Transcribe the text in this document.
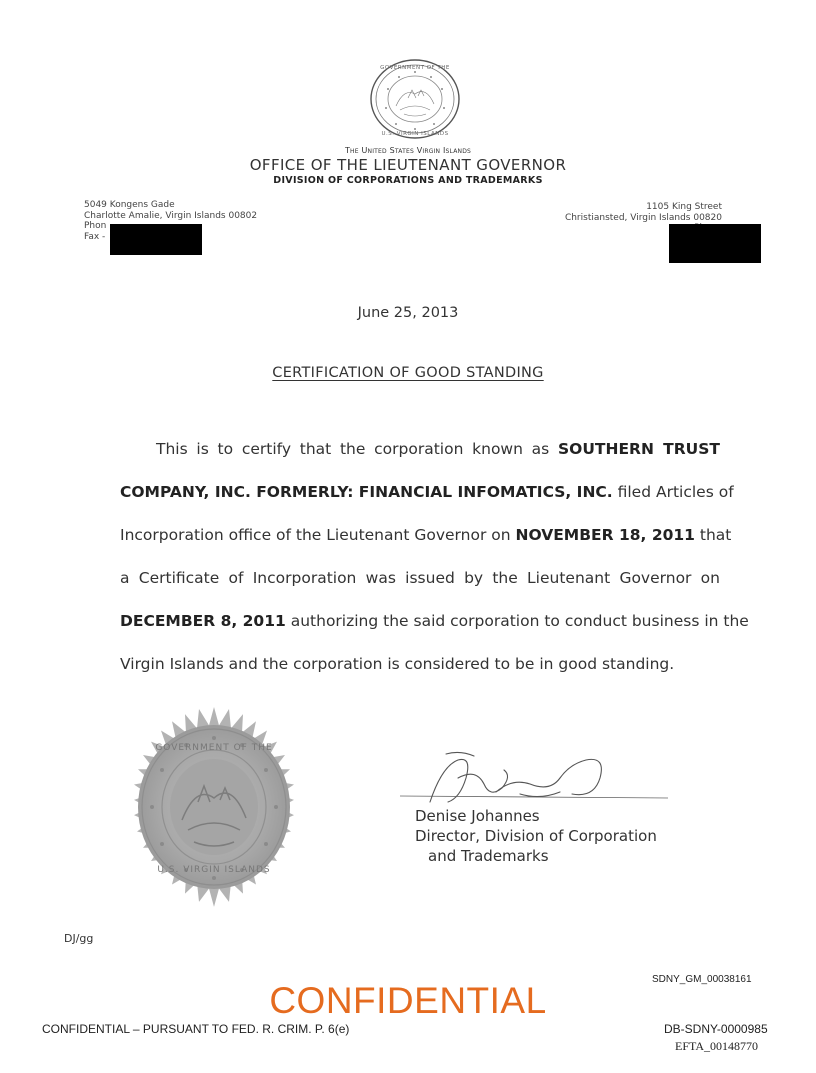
GOVERNMENT OF THE
U.S. VIRGIN ISLANDS
The United States Virgin Islands
OFFICE OF THE LIEUTENANT GOVERNOR
DIVISION OF CORPORATIONS AND TRADEMARKS
5049 Kongens Gade
Charlotte Amalie, Virgin Islands 00802
Phon
Fax -
1105 King Street
Christiansted, Virgin Islands 00820
June 25, 2013
CERTIFICATION OF GOOD STANDING
This is to certify that the corporation known as SOUTHERN TRUST
COMPANY, INC. FORMERLY: FINANCIAL INFOMATICS, INC. filed Articles of
Incorporation office of the Lieutenant Governor on NOVEMBER 18, 2011 that
a Certificate of Incorporation was issued by the Lieutenant Governor on
DECEMBER 8, 2011 authorizing the said corporation to conduct business in the
Virgin Islands and the corporation is considered to be in good standing.
GOVERNMENT OF THE
U.S. VIRGIN ISLANDS
Denise Johannes
Director, Division of Corporation
and Trademarks
DJ/gg
SDNY_GM_00038161
CONFIDENTIAL
CONFIDENTIAL – PURSUANT TO FED. R. CRIM. P. 6(e)	DB-SDNY-0000985
EFTA_00148770
